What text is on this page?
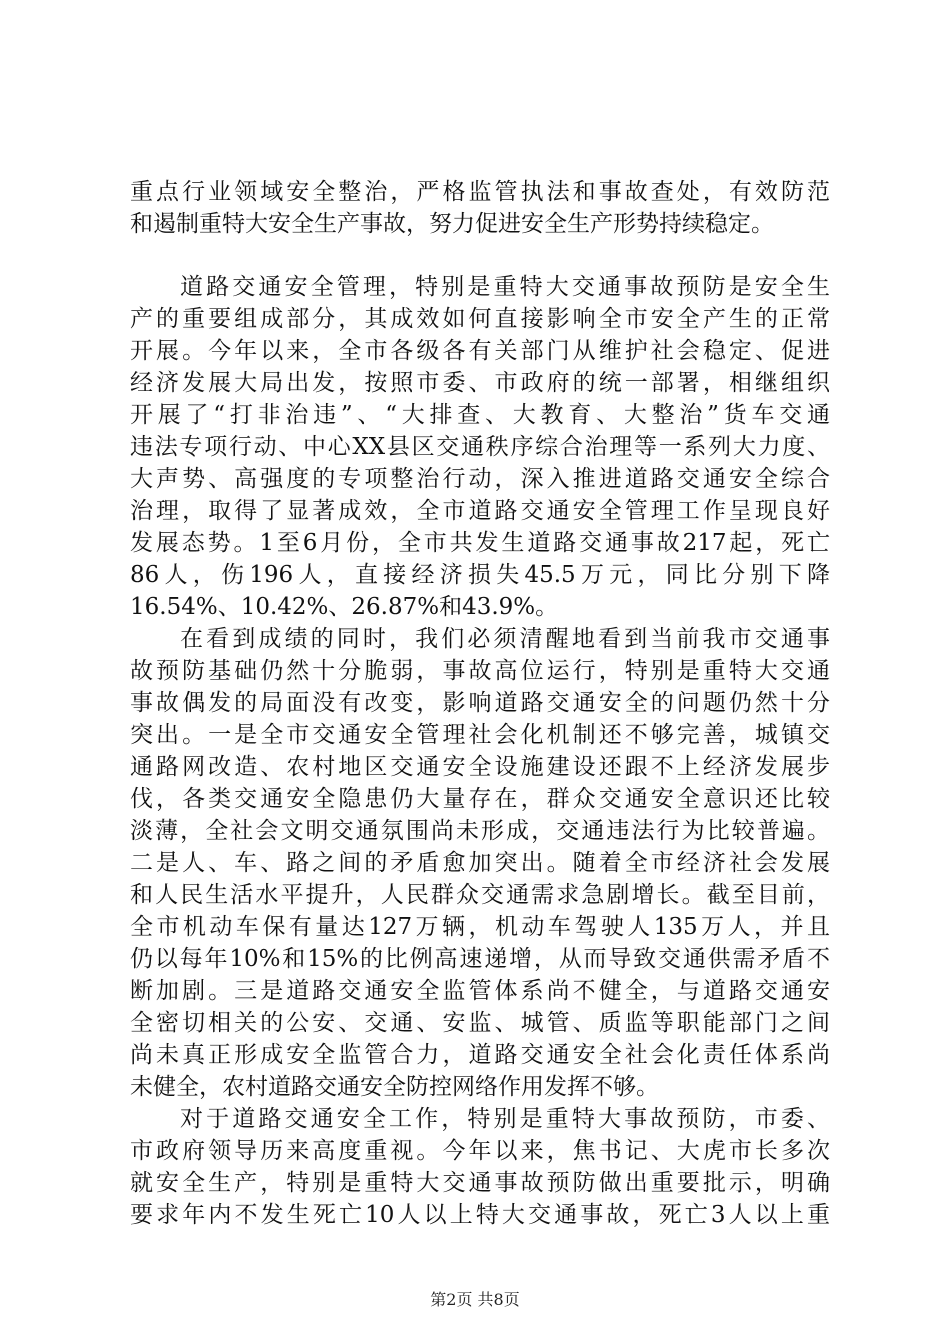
重点行业领域安全整治，严格监管执法和事故查处，有效防范
和遏制重特大安全生产事故，努力促进安全生产形势持续稳定。
道路交通安全管理，特别是重特大交通事故预防是安全生
产的重要组成部分，其成效如何直接影响全市安全产生的正常
开展。今年以来，全市各级各有关部门从维护社会稳定、促进
经济发展大局出发，按照市委、市政府的统一部署，相继组织
开展了“打非治违”、“大排查、大教育、大整治”货车交通
违法专项行动、中心XX县区交通秩序综合治理等一系列大力度、
大声势、高强度的专项整治行动，深入推进道路交通安全综合
治理，取得了显著成效，全市道路交通安全管理工作呈现良好
发展态势。1至6月份，全市共发生道路交通事故217起，死亡
86人，伤196人，直接经济损失45.5万元，同比分别下降
16.54%、10.42%、26.87%和43.9%。
在看到成绩的同时，我们必须清醒地看到当前我市交通事
故预防基础仍然十分脆弱，事故高位运行，特别是重特大交通
事故偶发的局面没有改变，影响道路交通安全的问题仍然十分
突出。一是全市交通安全管理社会化机制还不够完善，城镇交
通路网改造、农村地区交通安全设施建设还跟不上经济发展步
伐，各类交通安全隐患仍大量存在，群众交通安全意识还比较
淡薄，全社会文明交通氛围尚未形成，交通违法行为比较普遍。
二是人、车、路之间的矛盾愈加突出。随着全市经济社会发展
和人民生活水平提升，人民群众交通需求急剧增长。截至目前，
全市机动车保有量达127万辆，机动车驾驶人135万人，并且
仍以每年10%和15%的比例高速递增，从而导致交通供需矛盾不
断加剧。三是道路交通安全监管体系尚不健全，与道路交通安
全密切相关的公安、交通、安监、城管、质监等职能部门之间
尚未真正形成安全监管合力，道路交通安全社会化责任体系尚
未健全，农村道路交通安全防控网络作用发挥不够。
对于道路交通安全工作，特别是重特大事故预防，市委、
市政府领导历来高度重视。今年以来，焦书记、大虎市长多次
就安全生产，特别是重特大交通事故预防做出重要批示，明确
要求年内不发生死亡10人以上特大交通事故，死亡3人以上重
第2页 共8页
